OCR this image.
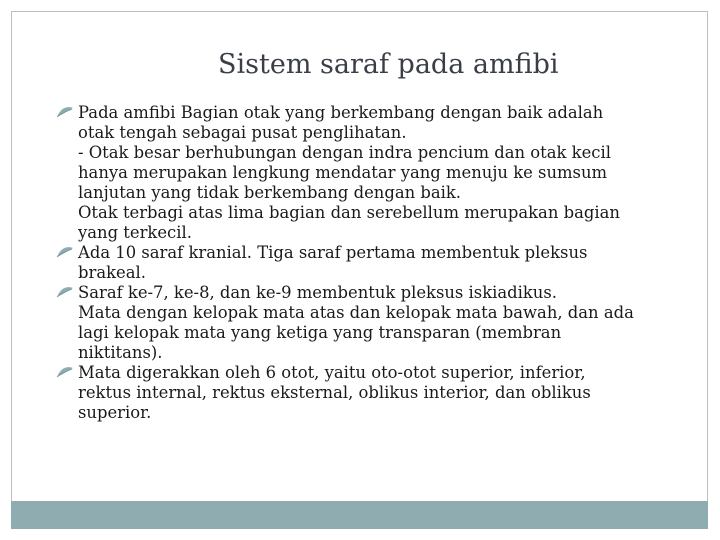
Sistem saraf pada amfibi
Pada amfibi Bagian otak yang berkembang dengan baik adalah
otak tengah sebagai pusat penglihatan.
- Otak besar berhubungan dengan indra pencium dan otak kecil
hanya merupakan lengkung mendatar yang menuju ke sumsum
lanjutan yang tidak berkembang dengan baik.
Otak terbagi atas lima bagian dan serebellum merupakan bagian
yang terkecil.
Ada 10 saraf kranial. Tiga saraf pertama membentuk pleksus
brakeal.
Saraf ke-7, ke-8, dan ke-9 membentuk pleksus iskiadikus.
Mata dengan kelopak mata atas dan kelopak mata bawah, dan ada
lagi kelopak mata yang ketiga yang transparan (membran
niktitans).
Mata digerakkan oleh 6 otot, yaitu oto-otot superior, inferior,
rektus internal, rektus eksternal, oblikus interior, dan oblikus
superior.
